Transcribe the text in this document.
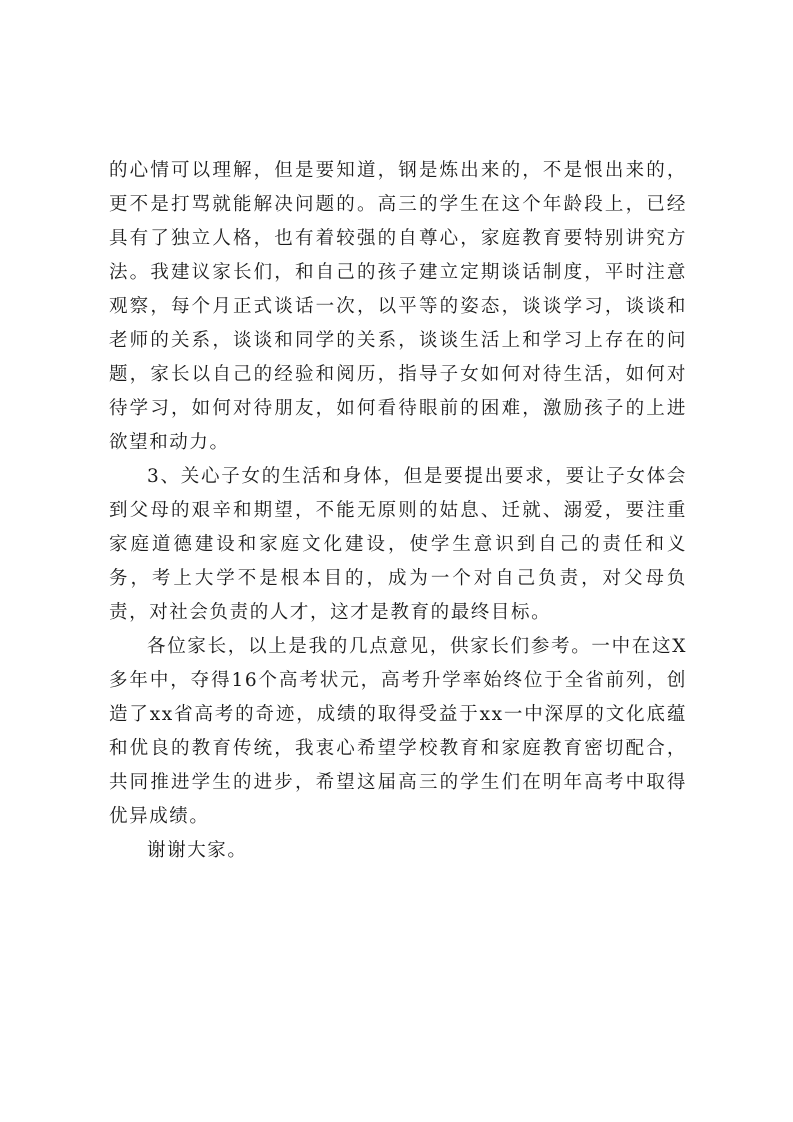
的心情可以理解，但是要知道，钢是炼出来的，不是恨出来的，更不是打骂就能解决问题的。高三的学生在这个年龄段上，已经具有了独立人格，也有着较强的自尊心，家庭教育要特别讲究方法。我建议家长们，和自己的孩子建立定期谈话制度，平时注意观察，每个月正式谈话一次，以平等的姿态，谈谈学习，谈谈和老师的关系，谈谈和同学的关系，谈谈生活上和学习上存在的问题，家长以自己的经验和阅历，指导子女如何对待生活，如何对待学习，如何对待朋友，如何看待眼前的困难，激励孩子的上进欲望和动力。

3、关心子女的生活和身体，但是要提出要求，要让子女体会到父母的艰辛和期望，不能无原则的姑息、迁就、溺爱，要注重家庭道德建设和家庭文化建设，使学生意识到自己的责任和义务，考上大学不是根本目的，成为一个对自己负责，对父母负责，对社会负责的人才，这才是教育的最终目标。

各位家长，以上是我的几点意见，供家长们参考。一中在这X多年中，夺得16个高考状元，高考升学率始终位于全省前列，创造了xx省高考的奇迹，成绩的取得受益于xx一中深厚的文化底蕴和优良的教育传统，我衷心希望学校教育和家庭教育密切配合，共同推进学生的进步，希望这届高三的学生们在明年高考中取得优异成绩。

谢谢大家。
